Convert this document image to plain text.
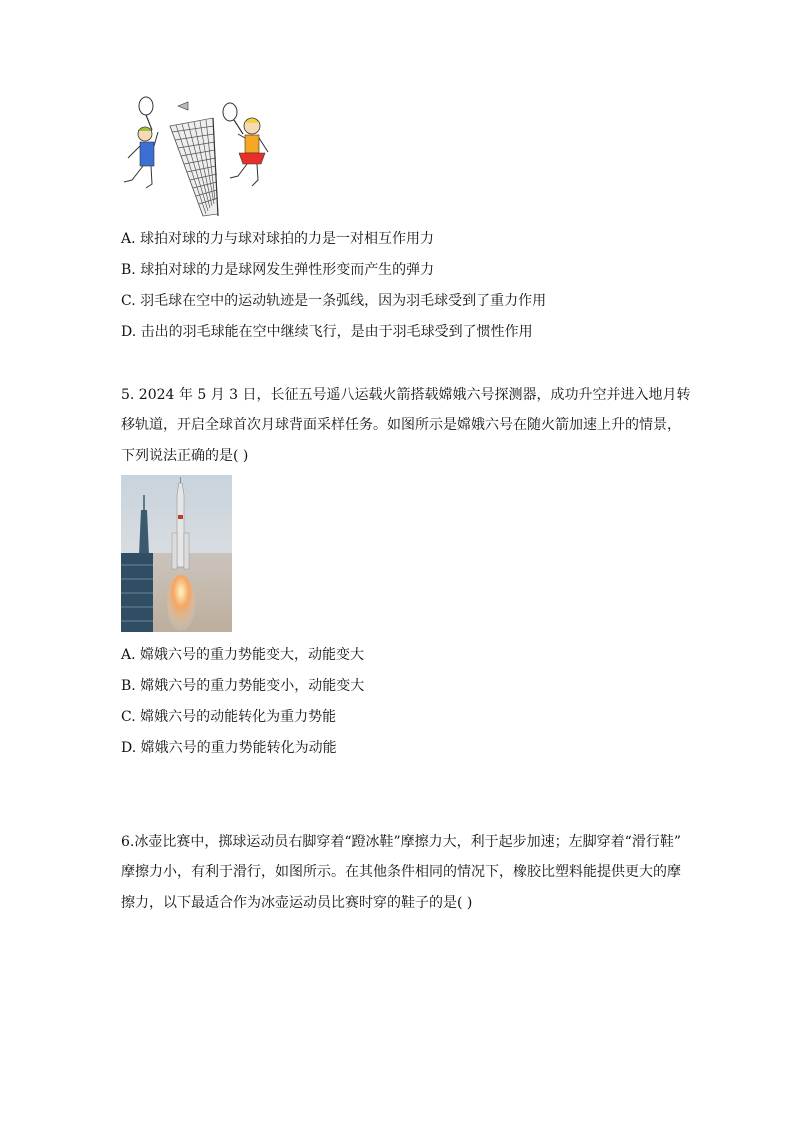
A. 球拍对球的力与球对球拍的力是一对相互作用力
B. 球拍对球的力是球网发生弹性形变而产生的弹力
C. 羽毛球在空中的运动轨迹是一条弧线，因为羽毛球受到了重力作用
D. 击出的羽毛球能在空中继续飞行，是由于羽毛球受到了惯性作用
5. 2024 年 5 月 3 日，长征五号遥八运载火箭搭载嫦娥六号探测器，成功升空并进入地月转
移轨道，开启全球首次月球背面采样任务。如图所示是嫦娥六号在随火箭加速上升的情景，
下列说法正确的是( )
A. 嫦娥六号的重力势能变大，动能变大
B. 嫦娥六号的重力势能变小，动能变大
C. 嫦娥六号的动能转化为重力势能
D. 嫦娥六号的重力势能转化为动能
6.冰壶比赛中，掷球运动员右脚穿着“蹬冰鞋”摩擦力大，利于起步加速；左脚穿着“滑行鞋”
摩擦力小，有利于滑行，如图所示。在其他条件相同的情况下，橡胶比塑料能提供更大的摩
擦力，以下最适合作为冰壶运动员比赛时穿的鞋子的是( )
